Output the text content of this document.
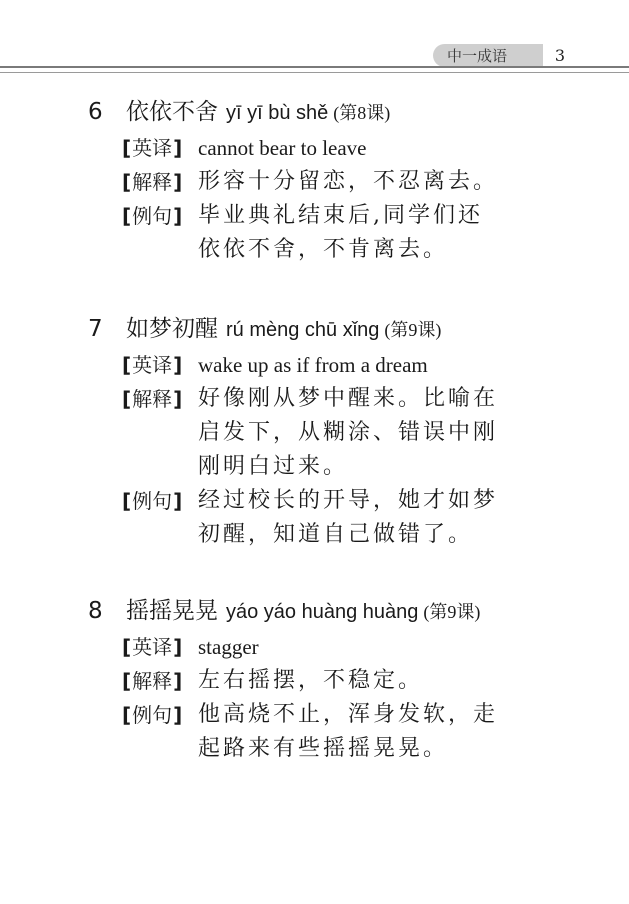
中一成语	3
6	依依不舍 yī yī bù shě (第8课)
[ 英译 ] cannot bear to leave
[ 解释 ] 形容十分留恋，不忍离去。
[ 例句 ] 毕业典礼结束后,同学们还
依依不舍，不肯离去。
7	如梦初醒 rú mèng chū xǐng (第9课)
[ 英译 ] wake up as if from a dream
[ 解释 ] 好像刚从梦中醒来。比喻在
启发下，从糊涂、错误中刚
刚明白过来。
[ 例句 ] 经过校长的开导，她才如梦
初醒，知道自己做错了。
8	摇摇晃晃 yáo yáo huàng huàng (第9课)
[ 英译 ] stagger
[ 解释 ] 左右摇摆，不稳定。
[ 例句 ] 他高烧不止，浑身发软，走
起路来有些摇摇晃晃。
